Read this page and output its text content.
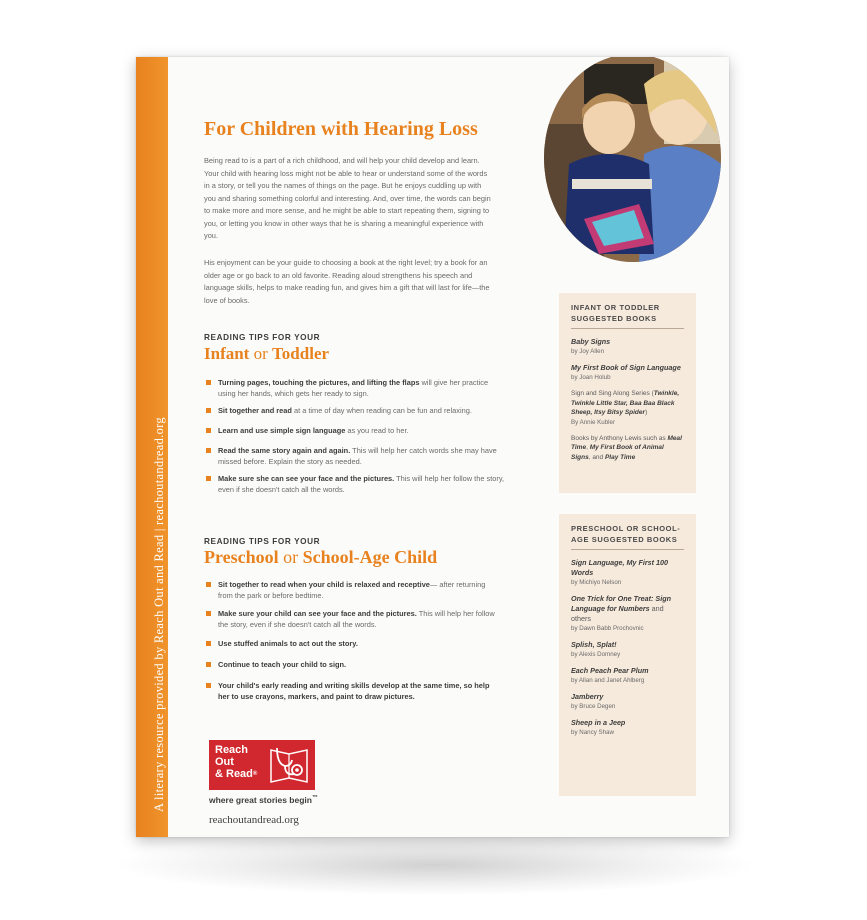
A literary resource provided by Reach Out and Read | reachoutandread.org
For Children with Hearing Loss

Being read to is a part of a rich childhood, and will help your child develop and learn. Your child with hearing loss might not be able to hear or understand some of the words in a story, or tell you the names of things on the page. But he enjoys cuddling up with you and sharing something colorful and interesting. And, over time, the words can begin to make more and more sense, and he might be able to start repeating them, signing to you, or letting you know in other ways that he is sharing a meaningful experience with you.

His enjoyment can be your guide to choosing a book at the right level; try a book for an older age or go back to an old favorite. Reading aloud strengthens his speech and language skills, helps to make reading fun, and gives him a gift that will last for life—the love of books.

READING TIPS FOR YOUR

Infant or Toddler
Turning pages, touching the pictures, and lifting the flaps will give her practice using her hands, which gets her ready to sign.
Sit together and read at a time of day when reading can be fun and relaxing.
Learn and use simple sign language as you read to her.
Read the same story again and again. This will help her catch words she may have missed before. Explain the story as needed.
Make sure she can see your face and the pictures. This will help her follow the story, even if she doesn't catch all the words.

READING TIPS FOR YOUR

Preschool or School-Age Child
Sit together to read when your child is relaxed and receptive— after returning from the park or before bedtime.
Make sure your child can see your face and the pictures. This will help her follow the story, even if she doesn't catch all the words.
Use stuffed animals to act out the story.
Continue to teach your child to sign.
Your child's early reading and writing skills develop at the same time, so help her to use crayons, markers, and paint to draw pictures.
INFANT OR TODDLER SUGGESTED BOOKS
Baby Signs
by Joy Allen
My First Book of Sign Language
by Joan Holub
Sign and Sing Along Series (Twinkle, Twinkle Little Star, Baa Baa Black Sheep, Itsy Bitsy Spider)
By Annie Kubler
Books by Anthony Lewis such as Meal Time, My First Book of Animal Signs, and Play Time
PRESCHOOL OR SCHOOL-AGE SUGGESTED BOOKS
Sign Language, My First 100 Words
by Michiyo Nelson
One Trick for One Treat: Sign Language for Numbers and others
by Dawn Babb Prochovnic
Splish, Splat!
by Alexis Domney
Each Peach Pear Plum
by Allan and Janet Ahlberg
Jamberry
by Bruce Degen
Sheep in a Jeep
by Nancy Shaw
Reach
Out
& Read®
where great stories begin™
reachoutandread.org
